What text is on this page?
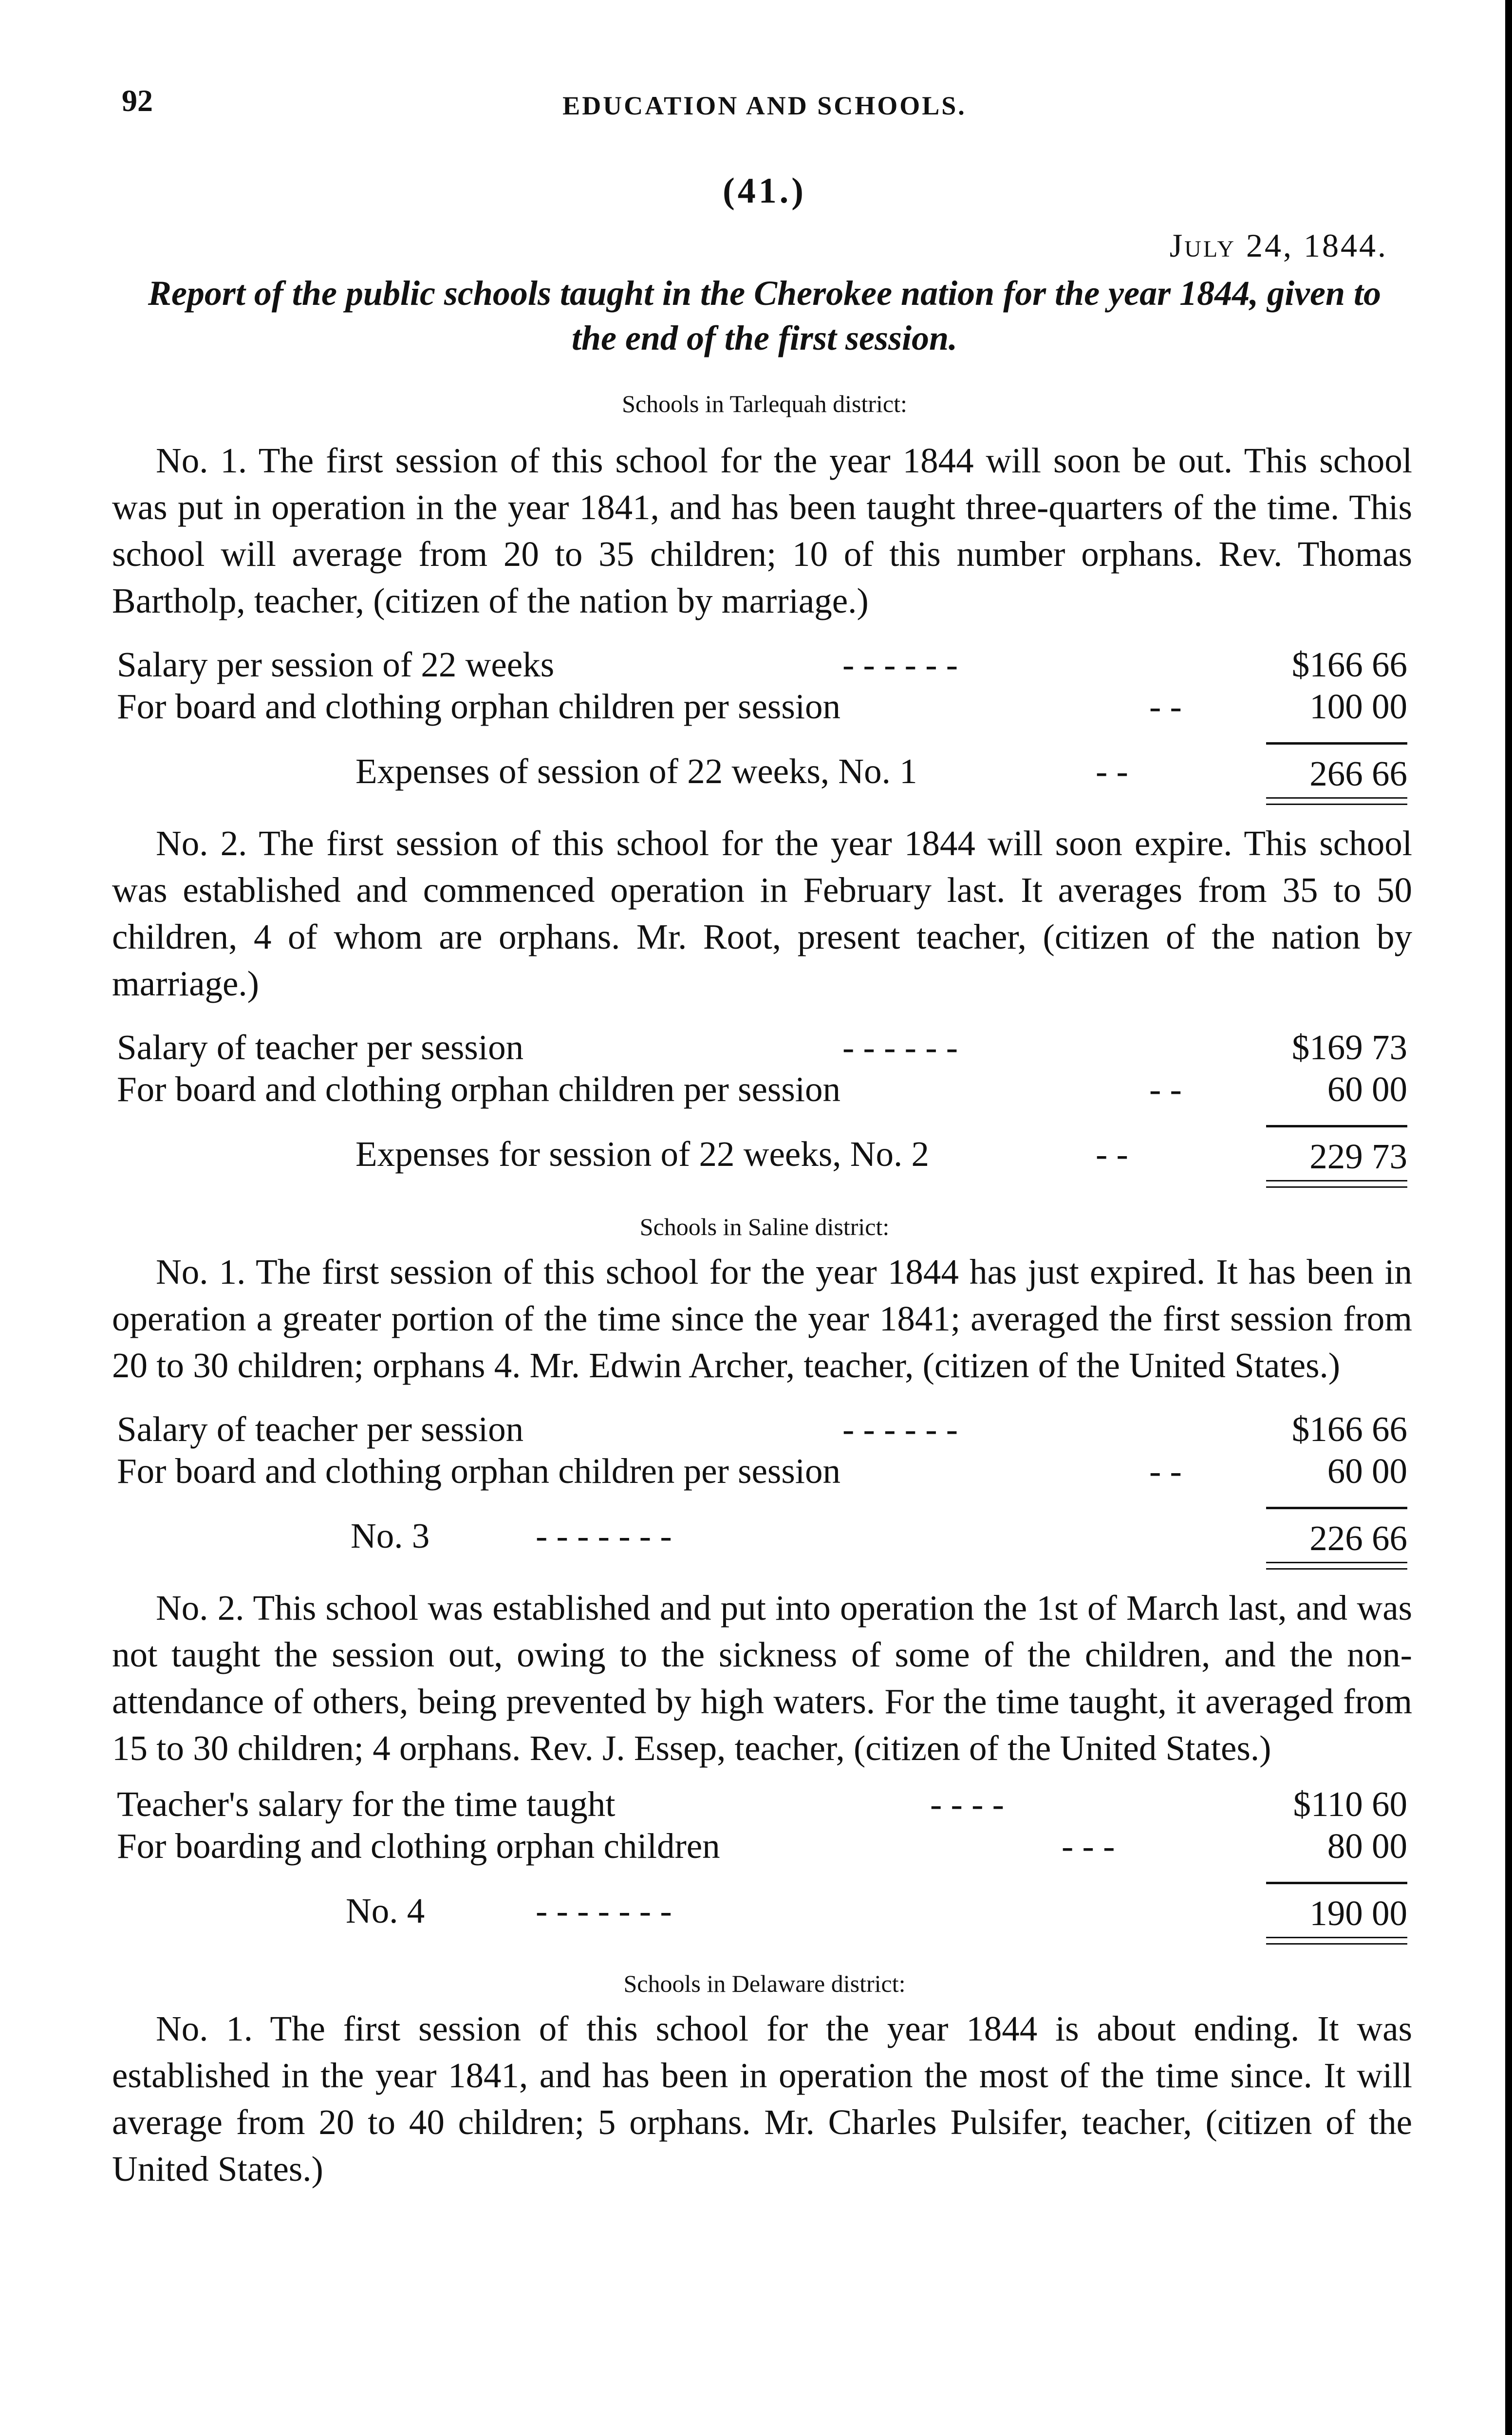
92	EDUCATION AND SCHOOLS.
(41.)
July 24, 1844.
Report of the public schools taught in the Cherokee nation for the year 1844, given to the end of the first session.
Schools in Tarlequah district:

No. 1. The first session of this school for the year 1844 will soon be out. This school was put in operation in the year 1841, and has been taught three-quarters of the time. This school will average from 20 to 35 children; 10 of this number orphans. Rev. Thomas Bartholp, teacher, (citizen of the nation by marriage.)

Salary per session of 22 weeks	- - - - - -	$166 66
For board and clothing orphan children per session	- -	100 00
Expenses of session of 22 weeks, No. 1	- -	266 66

No. 2. The first session of this school for the year 1844 will soon expire. This school was established and commenced operation in February last. It averages from 35 to 50 children, 4 of whom are orphans. Mr. Root, present teacher, (citizen of the nation by marriage.)

Salary of teacher per session	- - - - - -	$169 73
For board and clothing orphan children per session	- -	60 00
Expenses for session of 22 weeks, No. 2	- -	229 73
Schools in Saline district:

No. 1. The first session of this school for the year 1844 has just expired. It has been in operation a greater portion of the time since the year 1841; averaged the first session from 20 to 30 children; orphans 4. Mr. Edwin Archer, teacher, (citizen of the United States.)

Salary of teacher per session	- - - - - -	$166 66
For board and clothing orphan children per session	- -	60 00
No. 3	- - - - - - -	226 66

No. 2. This school was established and put into operation the 1st of March last, and was not taught the session out, owing to the sickness of some of the children, and the non-attendance of others, being prevented by high waters. For the time taught, it averaged from 15 to 30 children; 4 orphans. Rev. J. Essep, teacher, (citizen of the United States.)

Teacher's salary for the time taught	- - - -	$110 60
For boarding and clothing orphan children	- - -	80 00
No. 4	- - - - - - -	190 00
Schools in Delaware district:

No. 1. The first session of this school for the year 1844 is about ending. It was established in the year 1841, and has been in operation the most of the time since. It will average from 20 to 40 children; 5 orphans. Mr. Charles Pulsifer, teacher, (citizen of the United States.)
